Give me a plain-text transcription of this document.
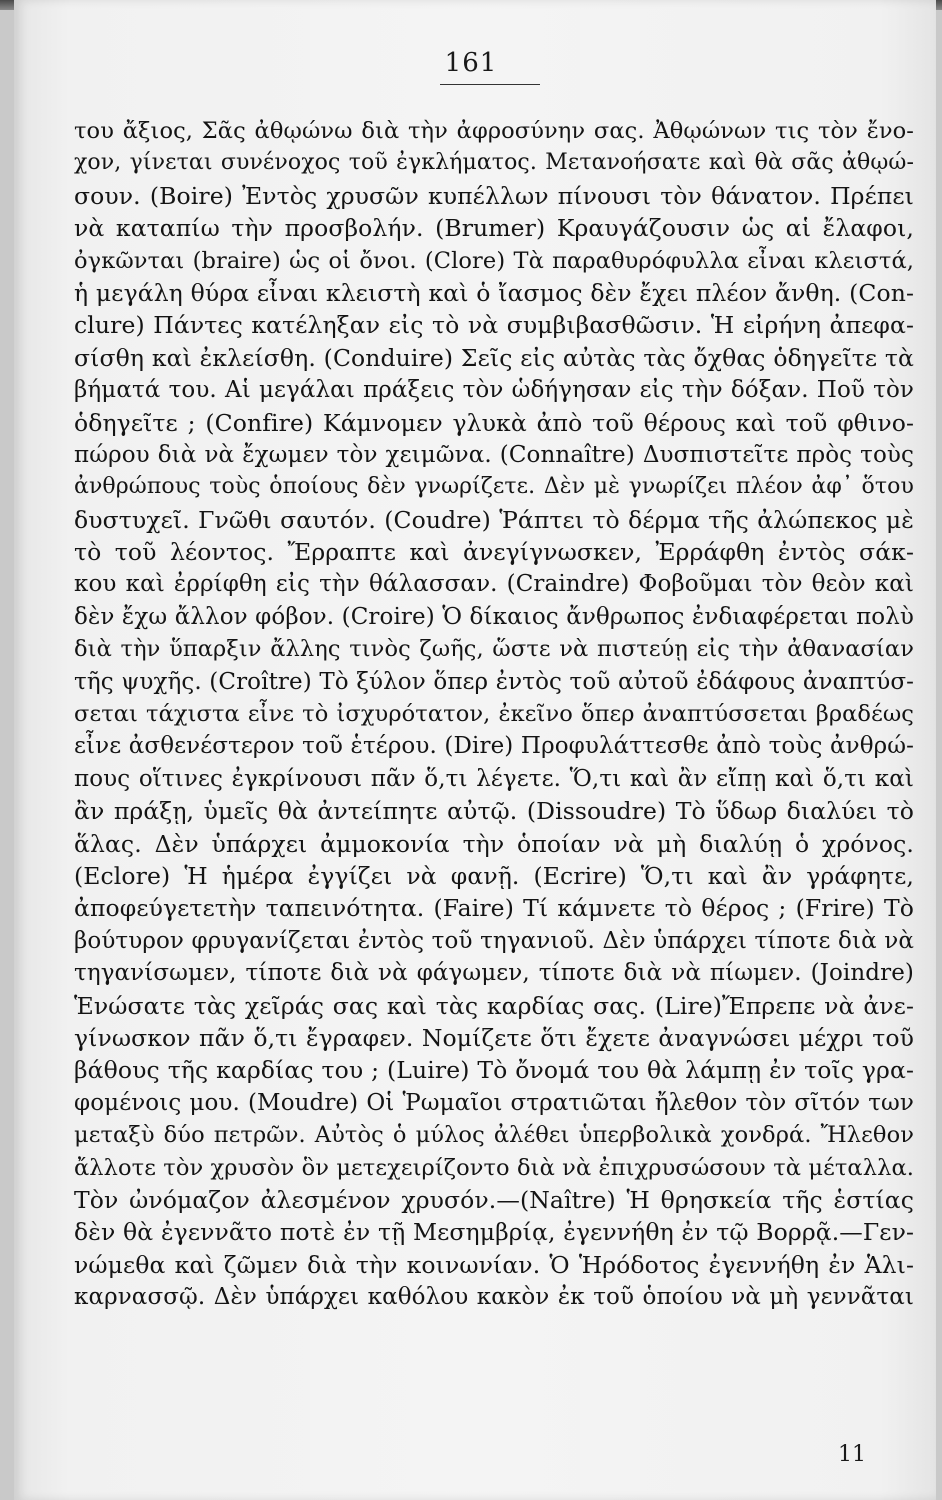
161
του ἄξιος, Σᾶς ἀθῳώνω διὰ τὴν ἀφροσύνην σας. Ἀθῳώνων τις τὸν ἔνο-
χον, γίνεται συνένοχος τοῦ ἐγκλήματος. Μετανοήσατε καὶ θὰ σᾶς ἀθῳώ-
σουν. (Boire) Ἐντὸς χρυσῶν κυπέλλων πίνουσι τὸν θάνατον. Πρέπει
νὰ καταπίω τὴν προσβολήν. (Brumer) Κραυγάζουσιν ὡς αἱ ἔλαφοι,
ὀγκῶνται (braire) ὡς οἱ ὄνοι. (Clore) Τὰ παραθυρόφυλλα εἶναι κλειστά,
ἡ μεγάλη θύρα εἶναι κλειστὴ καὶ ὁ ἴασμος δὲν ἔχει πλέον ἄνθη. (Con-
clure) Πάντες κατέληξαν εἰς τὸ νὰ συμβιβασθῶσιν. Ἡ εἰρήνη ἀπεφα-
σίσθη καὶ ἐκλείσθη. (Conduire) Σεῖς εἰς αὐτὰς τὰς ὄχθας ὁδηγεῖτε τὰ
βήματά του. Αἱ μεγάλαι πράξεις τὸν ὡδήγησαν εἰς τὴν δόξαν. Ποῦ τὸν
ὁδηγεῖτε ; (Confire) Κάμνομεν γλυκὰ ἀπὸ τοῦ θέρους καὶ τοῦ φθινο-
πώρου διὰ νὰ ἔχωμεν τὸν χειμῶνα. (Connaître) Δυσπιστεῖτε πρὸς τοὺς
ἀνθρώπους τοὺς ὁποίους δὲν γνωρίζετε. Δὲν μὲ γνωρίζει πλέον ἀφ᾽ ὅτου
δυστυχεῖ. Γνῶθι σαυτόν. (Coudre) Ῥάπτει τὸ δέρμα τῆς ἀλώπεκος μὲ
τὸ τοῦ λέοντος. Ἔρραπτε καὶ ἀνεγίγνωσκεν, Ἐρράφθη ἐντὸς σάκ-
κου καὶ ἐρρίφθη εἰς τὴν θάλασσαν. (Craindre) Φοβοῦμαι τὸν θεὸν καὶ
δὲν ἔχω ἄλλον φόβον. (Croire) Ὁ δίκαιος ἄνθρωπος ἐνδιαφέρεται πολὺ
διὰ τὴν ὕπαρξιν ἄλλης τινὸς ζωῆς, ὥστε νὰ πιστεύῃ εἰς τὴν ἀθανασίαν
τῆς ψυχῆς. (Croître) Τὸ ξύλον ὅπερ ἐντὸς τοῦ αὐτοῦ ἐδάφους ἀναπτύσ-
σεται τάχιστα εἶνε τὸ ἰσχυρότατον, ἐκεῖνο ὅπερ ἀναπτύσσεται βραδέως
εἶνε ἀσθενέστερον τοῦ ἑτέρου. (Dire) Προφυλάττεσθε ἀπὸ τοὺς ἀνθρώ-
πους οἵτινες ἐγκρίνουσι πᾶν ὅ,τι λέγετε. Ὅ,τι καὶ ἂν εἴπῃ καὶ ὅ,τι καὶ
ἂν πράξῃ, ὑμεῖς θὰ ἀντείπητε αὐτῷ. (Dissoudre) Τὸ ὕδωρ διαλύει τὸ
ἅλας. Δὲν ὑπάρχει ἀμμοκονία τὴν ὁποίαν νὰ μὴ διαλύῃ ὁ χρόνος.
(Eclore) Ἡ ἡμέρα ἐγγίζει νὰ φανῇ. (Ecrire) Ὅ,τι καὶ ἂν γράφητε,
ἀποφεύγετετὴν ταπεινότητα. (Faire) Τί κάμνετε τὸ θέρος ; (Frire) Τὸ
βούτυρον φρυγανίζεται ἐντὸς τοῦ τηγανιοῦ. Δὲν ὑπάρχει τίποτε διὰ νὰ
τηγανίσωμεν, τίποτε διὰ νὰ φάγωμεν, τίποτε διὰ νὰ πίωμεν. (Joindre)
Ἑνώσατε τὰς χεῖράς σας καὶ τὰς καρδίας σας. (Lire)Ἔπρεπε νὰ ἀνε-
γίνωσκον πᾶν ὅ,τι ἔγραφεν. Νομίζετε ὅτι ἔχετε ἀναγνώσει μέχρι τοῦ
βάθους τῆς καρδίας του ; (Luire) Τὸ ὄνομά του θὰ λάμπῃ ἐν τοῖς γρα-
φομένοις μου. (Moudre) Οἱ Ῥωμαῖοι στρατιῶται ἤλεθον τὸν σῖτόν των
μεταξὺ δύο πετρῶν. Αὐτὸς ὁ μύλος ἀλέθει ὑπερβολικὰ χονδρά. Ἤλεθον
ἄλλοτε τὸν χρυσὸν ὃν μετεχειρίζοντο διὰ νὰ ἐπιχρυσώσουν τὰ μέταλλα.
Τὸν ὠνόμαζον ἀλεσμένον χρυσόν.—(Naître) Ἡ θρησκεία τῆς ἑστίας
δὲν θὰ ἐγεννᾶτο ποτὲ ἐν τῇ Μεσημβρίᾳ, ἐγεννήθη ἐν τῷ Βορρᾷ.—Γεν-
νώμεθα καὶ ζῶμεν διὰ τὴν κοινωνίαν. Ὁ Ἡρόδοτος ἐγεννήθη ἐν Ἁλι-
καρνασσῷ. Δὲν ὑπάρχει καθόλου κακὸν ἐκ τοῦ ὁποίου νὰ μὴ γεννᾶται
11
